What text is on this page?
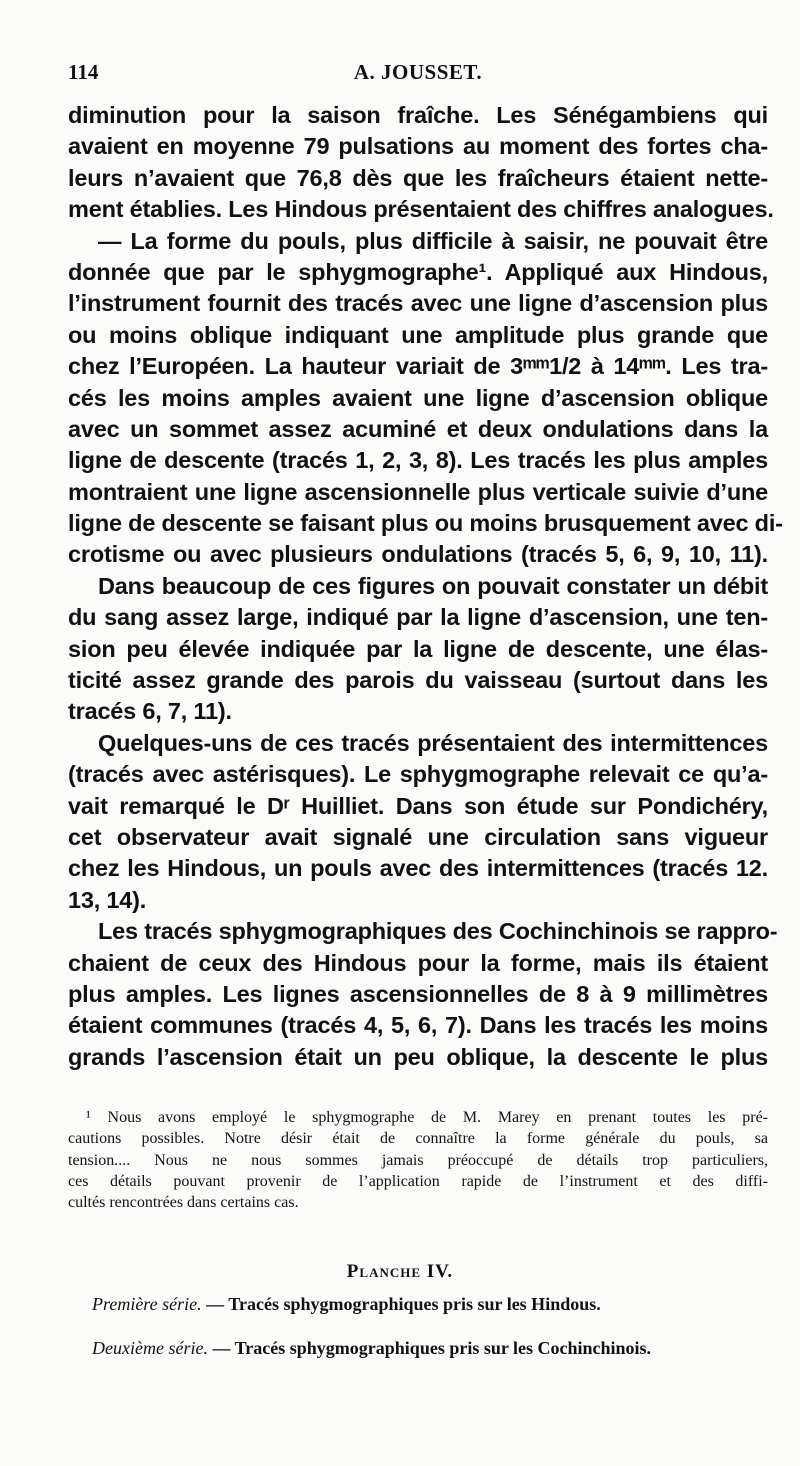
114	A. JOUSSET.
diminution pour la saison fraîche. Les Sénégambiens qui
avaient en moyenne 79 pulsations au moment des fortes cha-
leurs n’avaient que 76,8 dès que les fraîcheurs étaient nette-
ment établies. Les Hindous présentaient des chiffres analogues.
— La forme du pouls, plus difficile à saisir, ne pouvait être
donnée que par le sphygmographe¹. Appliqué aux Hindous,
l’instrument fournit des tracés avec une ligne d’ascension plus
ou moins oblique indiquant une amplitude plus grande que
chez l’Européen. La hauteur variait de 3ᵐᵐ1/2 à 14ᵐᵐ. Les tra-
cés les moins amples avaient une ligne d’ascension oblique
avec un sommet assez acuminé et deux ondulations dans la
ligne de descente (tracés 1, 2, 3, 8). Les tracés les plus amples
montraient une ligne ascensionnelle plus verticale suivie d’une
ligne de descente se faisant plus ou moins brusquement avec di-
crotisme ou avec plusieurs ondulations (tracés 5, 6, 9, 10, 11).
Dans beaucoup de ces figures on pouvait constater un débit
du sang assez large, indiqué par la ligne d’ascension, une ten-
sion peu élevée indiquée par la ligne de descente, une élas-
ticité assez grande des parois du vaisseau (surtout dans les
tracés 6, 7, 11).
Quelques-uns de ces tracés présentaient des intermittences
(tracés avec astérisques). Le sphygmographe relevait ce qu’a-
vait remarqué le Dʳ Huilliet. Dans son étude sur Pondichéry,
cet observateur avait signalé une circulation sans vigueur
chez les Hindous, un pouls avec des intermittences (tracés 12.
13, 14).
Les tracés sphygmographiques des Cochinchinois se rappro-
chaient de ceux des Hindous pour la forme, mais ils étaient
plus amples. Les lignes ascensionnelles de 8 à 9 millimètres
étaient communes (tracés 4, 5, 6, 7). Dans les tracés les moins
grands l’ascension était un peu oblique, la descente le plus
¹ Nous avons employé le sphygmographe de M. Marey en prenant toutes les pré-
cautions possibles. Notre désir était de connaître la forme générale du pouls, sa
tension.... Nous ne nous sommes jamais préoccupé de détails trop particuliers,
ces détails pouvant provenir de l’application rapide de l’instrument et des diffi-
cultés rencontrées dans certains cas.
Planche IV.
Première série. — Tracés sphygmographiques pris sur les Hindous.
Deuxième série. — Tracés sphygmographiques pris sur les Cochinchinois.
